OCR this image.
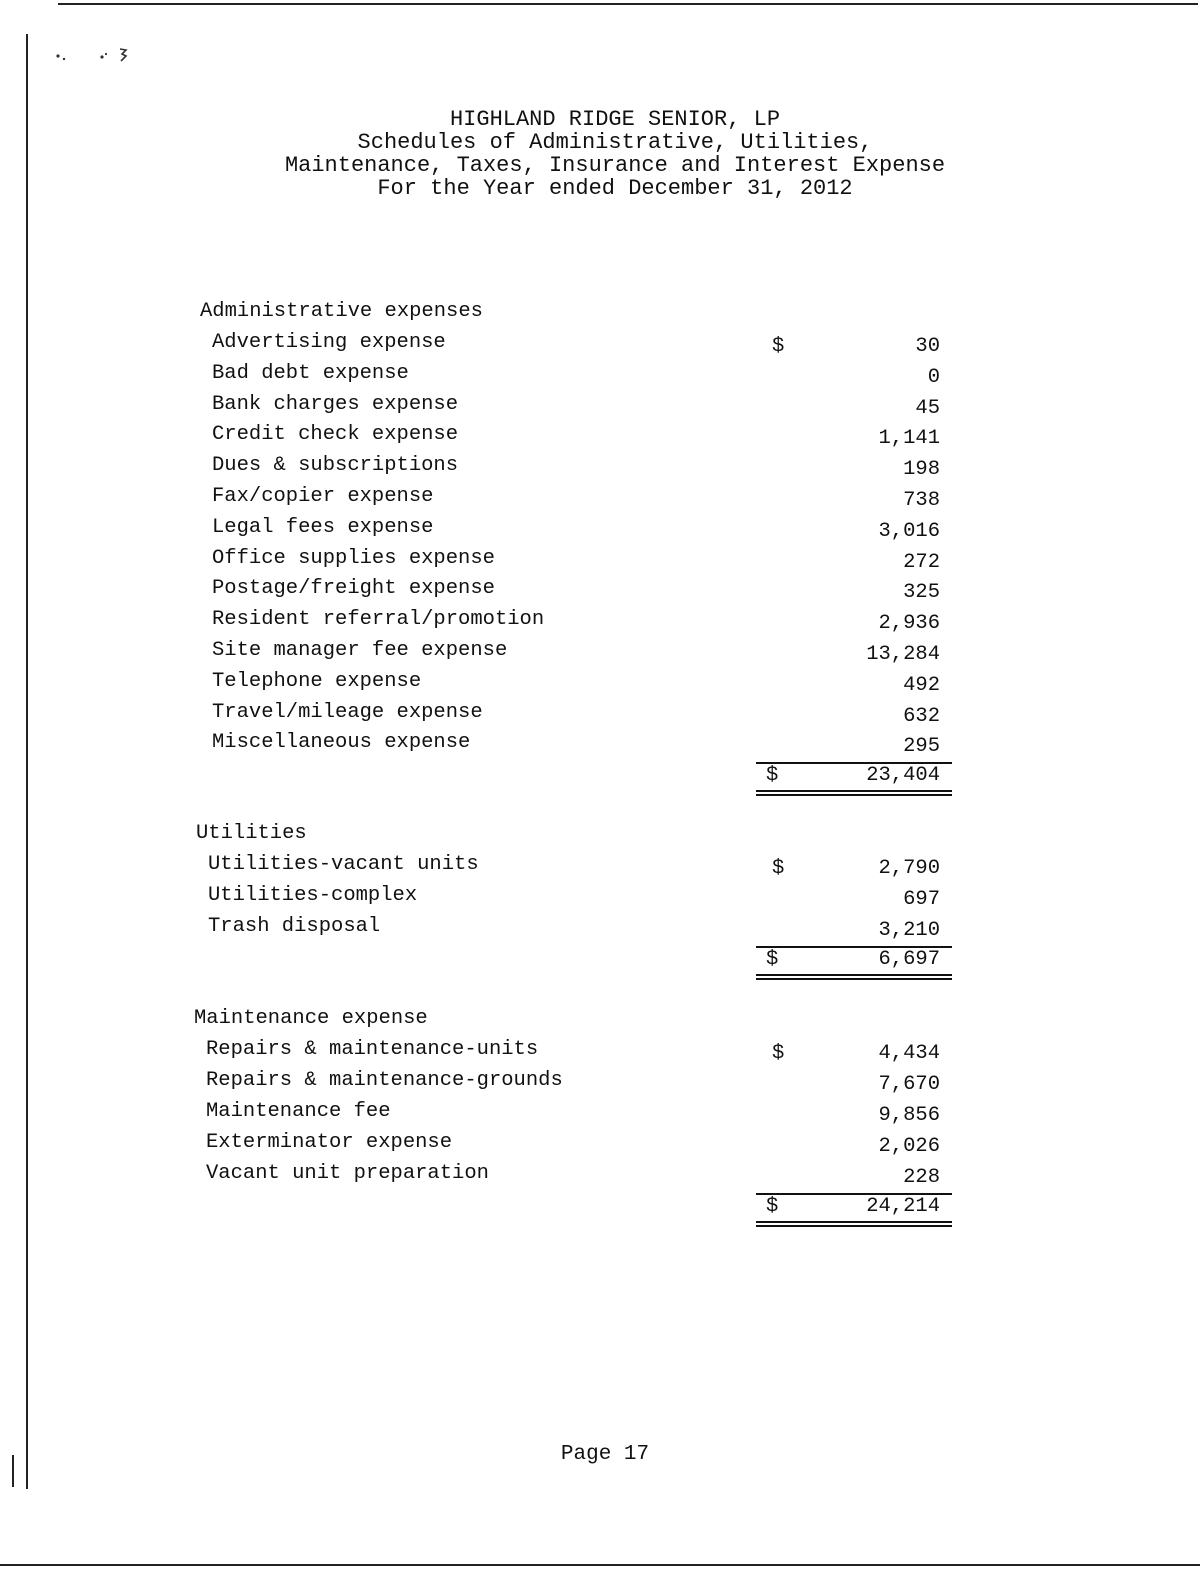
HIGHLAND RIDGE SENIOR, LP
Schedules of Administrative, Utilities,
Maintenance, Taxes, Insurance and Interest Expense
For the Year ended December 31, 2012
Administrative expenses
Advertising expense	$	30
Bad debt expense	0
Bank charges expense	45
Credit check expense	1,141
Dues & subscriptions	198
Fax/copier expense	738
Legal fees expense	3,016
Office supplies expense	272
Postage/freight expense	325
Resident referral/promotion	2,936
Site manager fee expense	13,284
Telephone expense	492
Travel/mileage expense	632
Miscellaneous expense	295
$	23,404
Utilities
Utilities-vacant units	$	2,790
Utilities-complex	697
Trash disposal	3,210
$	6,697
Maintenance expense
Repairs & maintenance-units	$	4,434
Repairs & maintenance-grounds	7,670
Maintenance fee	9,856
Exterminator expense	2,026
Vacant unit preparation	228
$	24,214
Page 17
